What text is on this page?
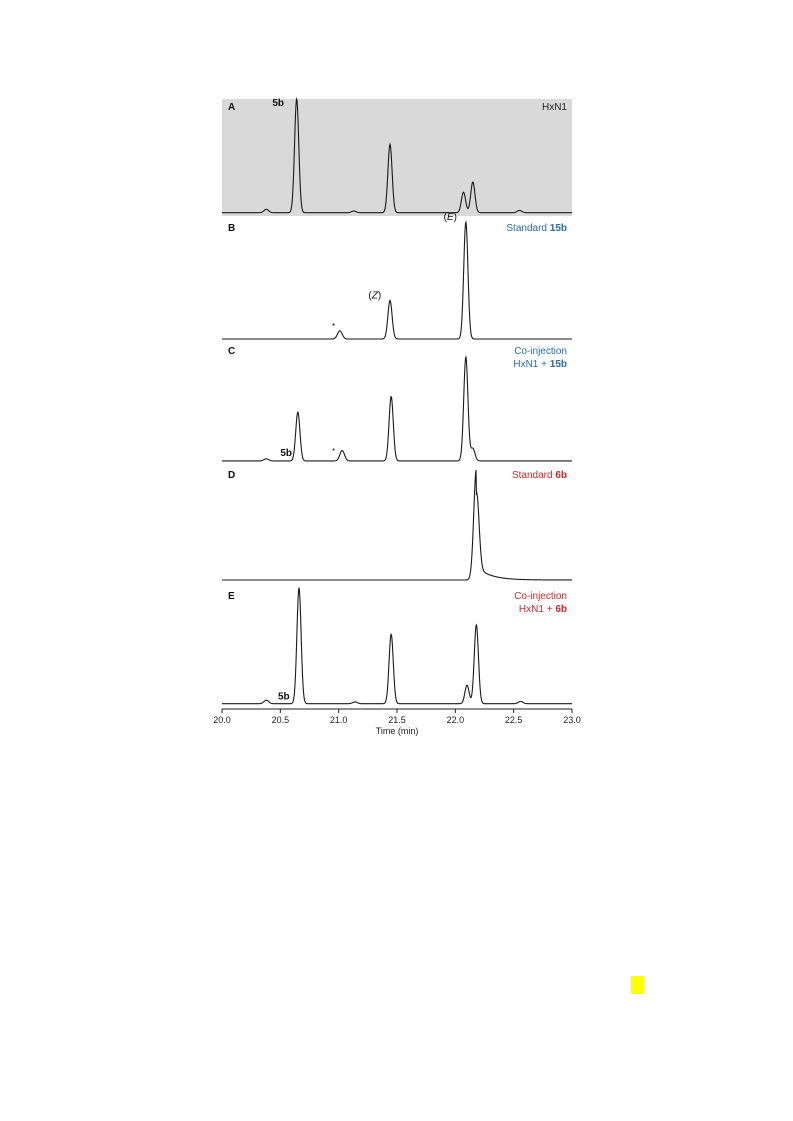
A	HxN1
5b
B	Standard 15b
*
(Z)
(E)
C	Co-injection
HxN1 + 15b
5b	*
D	Standard 6b
E	Co-injection
HxN1 + 6b
5b
20.0	20.5	21.0	21.5	22.0	22.5	23.0
Time (min)
